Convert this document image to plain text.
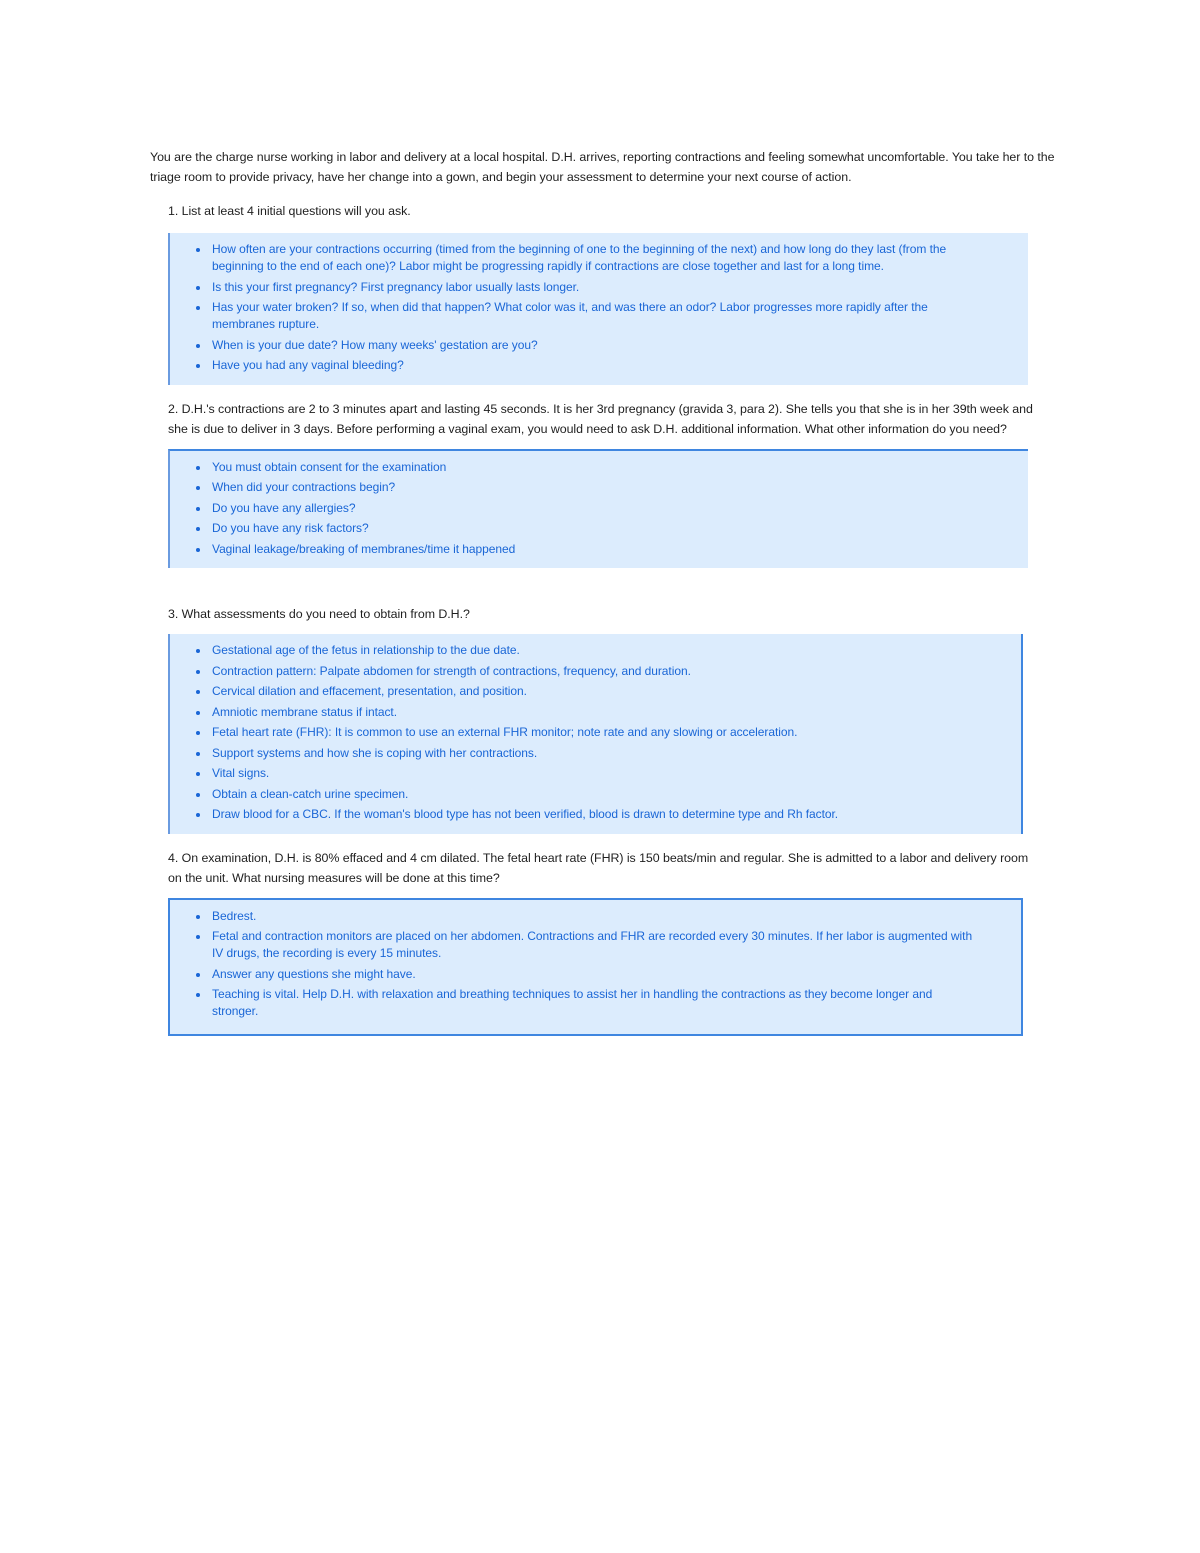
You are the charge nurse working in labor and delivery at a local hospital. D.H. arrives, reporting contractions and feeling somewhat uncomfortable. You take her to the triage room to provide privacy, have her change into a gown, and begin your assessment to determine your next course of action.

1. List at least 4 initial questions will you ask.

How often are your contractions occurring (timed from the beginning of one to the beginning of the next) and how long do they last (from the beginning to the end of each one)? Labor might be progressing rapidly if contractions are close together and last for a long time.
Is this your first pregnancy? First pregnancy labor usually lasts longer.
Has your water broken? If so, when did that happen? What color was it, and was there an odor? Labor progresses more rapidly after the membranes rupture.
When is your due date? How many weeks' gestation are you?
Have you had any vaginal bleeding?

2. D.H.'s contractions are 2 to 3 minutes apart and lasting 45 seconds. It is her 3rd pregnancy (gravida 3, para 2). She tells you that she is in her 39th week and she is due to deliver in 3 days. Before performing a vaginal exam, you would need to ask D.H. additional information. What other information do you need?

You must obtain consent for the examination
When did your contractions begin?
Do you have any allergies?
Do you have any risk factors?
Vaginal leakage/breaking of membranes/time it happened

3. What assessments do you need to obtain from D.H.?

Gestational age of the fetus in relationship to the due date.
Contraction pattern: Palpate abdomen for strength of contractions, frequency, and duration.
Cervical dilation and effacement, presentation, and position.
Amniotic membrane status if intact.
Fetal heart rate (FHR): It is common to use an external FHR monitor; note rate and any slowing or acceleration.
Support systems and how she is coping with her contractions.
Vital signs.
Obtain a clean-catch urine specimen.
Draw blood for a CBC. If the woman's blood type has not been verified, blood is drawn to determine type and Rh factor.

4. On examination, D.H. is 80% effaced and 4 cm dilated. The fetal heart rate (FHR) is 150 beats/min and regular. She is admitted to a labor and delivery room on the unit. What nursing measures will be done at this time?

Bedrest.
Fetal and contraction monitors are placed on her abdomen. Contractions and FHR are recorded every 30 minutes. If her labor is augmented with IV drugs, the recording is every 15 minutes.
Answer any questions she might have.
Teaching is vital. Help D.H. with relaxation and breathing techniques to assist her in handling the contractions as they become longer and stronger.
